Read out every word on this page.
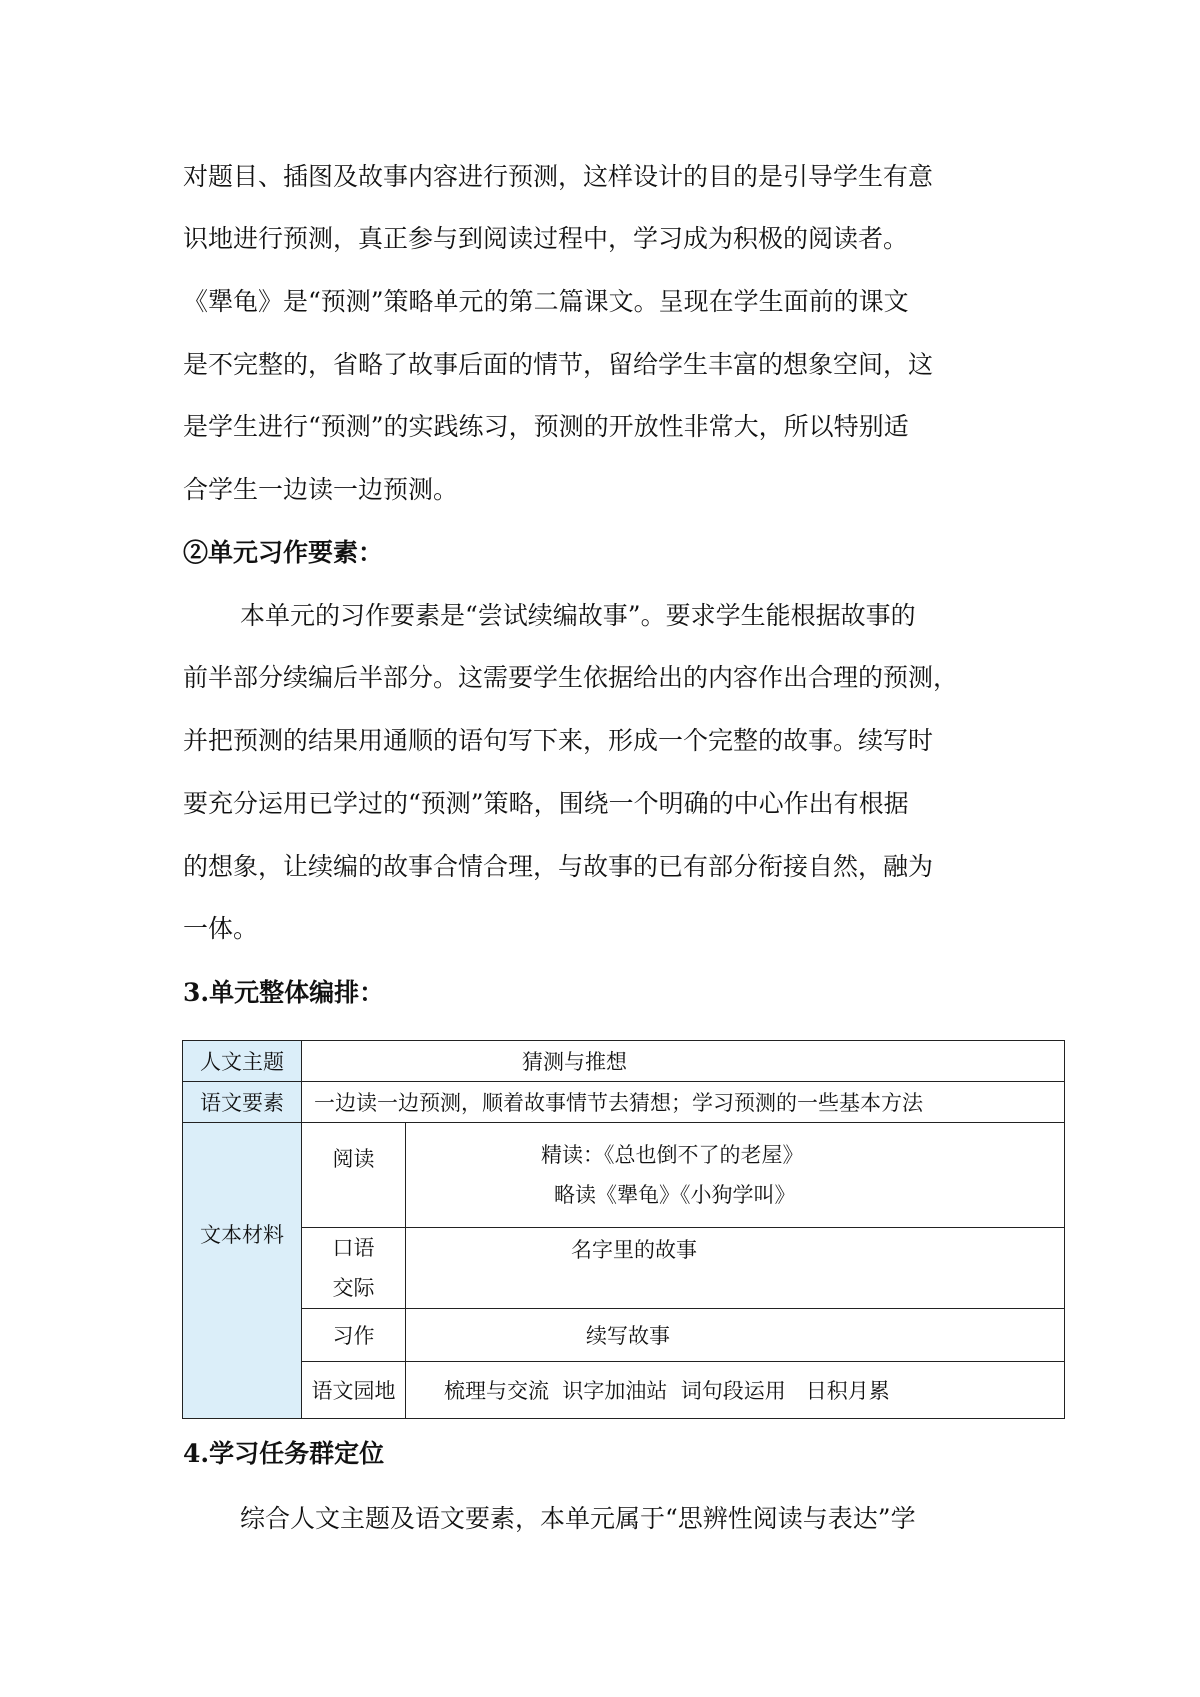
对题目、插图及故事内容进行预测，这样设计的目的是引导学生有意
识地进行预测，真正参与到阅读过程中，学习成为积极的阅读者。
《犟龟》是“预测”策略单元的第二篇课文。呈现在学生面前的课文
是不完整的，省略了故事后面的情节，留给学生丰富的想象空间，这
是学生进行“预测”的实践练习，预测的开放性非常大，所以特别适
合学生一边读一边预测。
②单元习作要素：
本单元的习作要素是“尝试续编故事”。要求学生能根据故事的
前半部分续编后半部分。这需要学生依据给出的内容作出合理的预测，
并把预测的结果用通顺的语句写下来，形成一个完整的故事。续写时
要充分运用已学过的“预测”策略，围绕一个明确的中心作出有根据
的想象，让续编的故事合情合理，与故事的已有部分衔接自然，融为
一体。
3.单元整体编排：
人文主题	猜测与推想	
语文要素	一边读一边预测，顺着故事情节去猜想；学习预测的一些基本方法	
文本材料	阅读	精读：《总也倒不了的老屋》
略读《犟龟》《小狗学叫》

	口语
交际	名字里的故事
	习作	续写故事
	语文园地	梳理与交流  识字加油站  词句段运用   日积月累
4.学习任务群定位
综合人文主题及语文要素，本单元属于“思辨性阅读与表达”学
